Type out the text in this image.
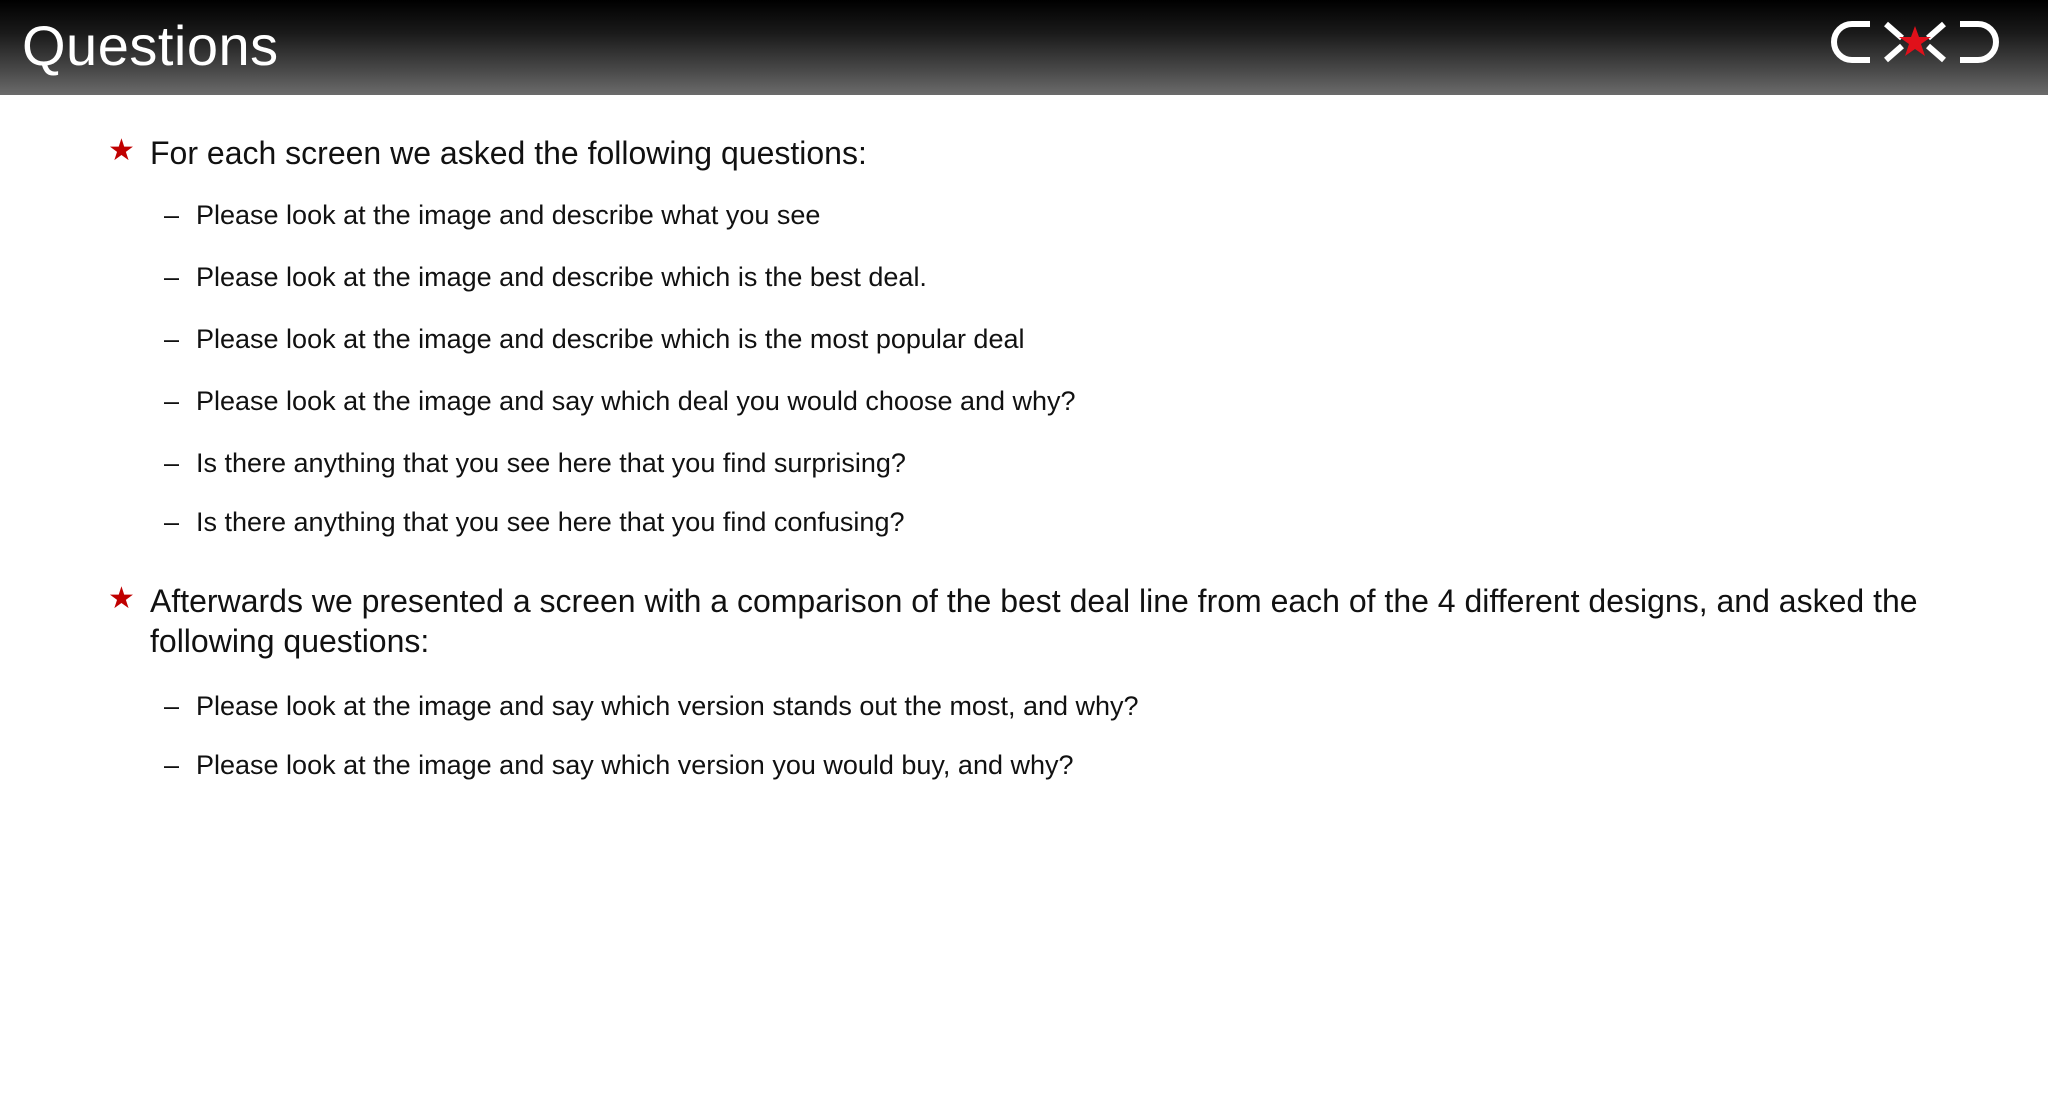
Questions
★ For each screen we asked the following questions:
– Please look at the image and describe what you see
– Please look at the image and describe which is the best deal.
– Please look at the image and describe which is the most popular deal
– Please look at the image and say which deal you would choose and why?
– Is there anything that you see here that you find surprising?
– Is there anything that you see here that you find confusing?
★ Afterwards we presented a screen with a comparison of the best deal line from each of the 4 different designs, and asked the following questions:
– Please look at the image and say which version stands out the most, and why?
– Please look at the image and say which version you would buy, and why?
